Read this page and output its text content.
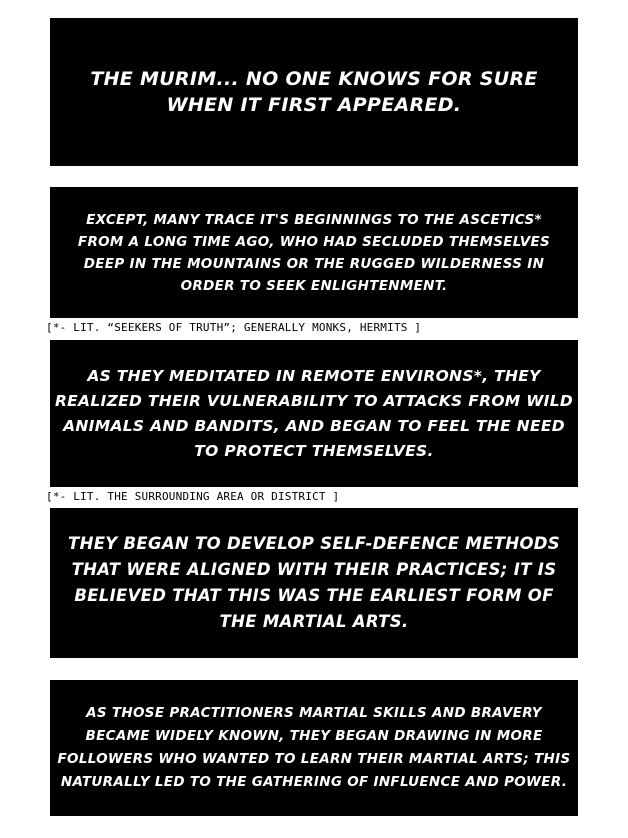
THE MURIM... NO ONE KNOWS FOR SURE
WHEN IT FIRST APPEARED.
EXCEPT, MANY TRACE IT'S BEGINNINGS TO THE ASCETICS*
FROM A LONG TIME AGO, WHO HAD SECLUDED THEMSELVES
DEEP IN THE MOUNTAINS OR THE RUGGED WILDERNESS IN
ORDER TO SEEK ENLIGHTENMENT.
[*- LIT. “SEEKERS OF TRUTH”; GENERALLY MONKS, HERMITS ]
AS THEY MEDITATED IN REMOTE ENVIRONS*, THEY
REALIZED THEIR VULNERABILITY TO ATTACKS FROM WILD
ANIMALS AND BANDITS, AND BEGAN TO FEEL THE NEED
TO PROTECT THEMSELVES.
[*- LIT. THE SURROUNDING AREA OR DISTRICT ]
THEY BEGAN TO DEVELOP SELF-DEFENCE METHODS
THAT WERE ALIGNED WITH THEIR PRACTICES; IT IS
BELIEVED THAT THIS WAS THE EARLIEST FORM OF
THE MARTIAL ARTS.
AS THOSE PRACTITIONERS MARTIAL SKILLS AND BRAVERY
BECAME WIDELY KNOWN, THEY BEGAN DRAWING IN MORE
FOLLOWERS WHO WANTED TO LEARN THEIR MARTIAL ARTS; THIS
NATURALLY LED TO THE GATHERING OF INFLUENCE AND POWER.
